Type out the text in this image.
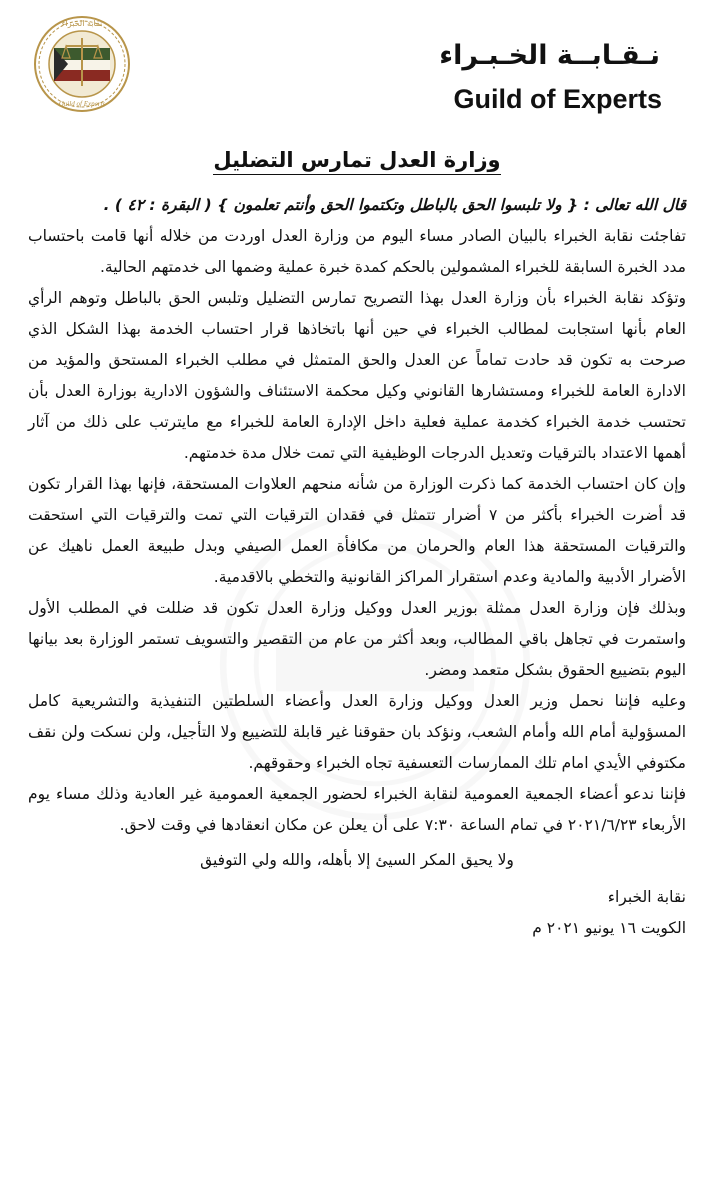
نقابة الخبراء
Guild of Experts
نـقـابــة الخـبـراء
Guild of Experts
وزارة العدل تمارس التضليل

قال الله تعالى : { ولا تلبسوا الحق بالباطل وتكتموا الحق وأنتم تعلمون } ( البقرة : ٤٢ ) .

تفاجئت نقابة الخبراء بالبيان الصادر مساء اليوم من وزارة العدل اوردت من خلاله أنها قامت باحتساب مدد الخبرة السابقة للخبراء المشمولين بالحكم كمدة خبرة عملية وضمها الى خدمتهم الحالية.

وتؤكد نقابة الخبراء بأن وزارة العدل بهذا التصريح تمارس التضليل وتلبس الحق بالباطل وتوهم الرأي العام بأنها استجابت لمطالب الخبراء في حين أنها باتخاذها قرار احتساب الخدمة بهذا الشكل الذي صرحت به تكون قد حادت تماماً عن العدل والحق المتمثل في مطلب الخبراء المستحق والمؤيد من الادارة العامة للخبراء ومستشارها القانوني وكيل محكمة الاستئناف والشؤون الادارية بوزارة العدل بأن تحتسب خدمة الخبراء كخدمة عملية فعلية داخل الإدارة العامة للخبراء مع مايترتب على ذلك من آثار أهمها الاعتداد بالترقيات وتعديل الدرجات الوظيفية التي تمت خلال مدة خدمتهم.

وإن كان احتساب الخدمة كما ذكرت الوزارة من شأنه منحهم العلاوات المستحقة، فإنها بهذا القرار تكون قد أضرت الخبراء بأكثر من ٧ أضرار تتمثل في فقدان الترقيات التي تمت والترقيات التي استحقت والترقيات المستحقة هذا العام والحرمان من مكافأة العمل الصيفي وبدل طبيعة العمل ناهيك عن الأضرار الأدبية والمادية وعدم استقرار المراكز القانونية والتخطي بالاقدمية.

وبذلك فإن وزارة العدل ممثلة بوزير العدل ووكيل وزارة العدل تكون قد ضللت في المطلب الأول واستمرت في تجاهل باقي المطالب، وبعد أكثر من عام من التقصير والتسويف تستمر الوزارة بعد بيانها اليوم بتضييع الحقوق بشكل متعمد ومضر.

وعليه فإننا نحمل وزير العدل ووكيل وزارة العدل وأعضاء السلطتين التنفيذية والتشريعية كامل المسؤولية أمام الله وأمام الشعب، ونؤكد بان حقوقنا غير قابلة للتضييع ولا التأجيل، ولن نسكت ولن نقف مكتوفي الأيدي امام تلك الممارسات التعسفية تجاه الخبراء وحقوقهم.

فإننا ندعو أعضاء الجمعية العمومية لنقابة الخبراء لحضور الجمعية العمومية غير العادية وذلك مساء يوم الأربعاء ٢٠٢١/٦/٢٣ في تمام الساعة ٧:٣٠ على أن يعلن عن مكان انعقادها في وقت لاحق.

ولا يحيق المكر السيئ إلا بأهله، والله ولي التوفيق

نقابة الخبراء

الكويت ١٦ يونيو ٢٠٢١ م
